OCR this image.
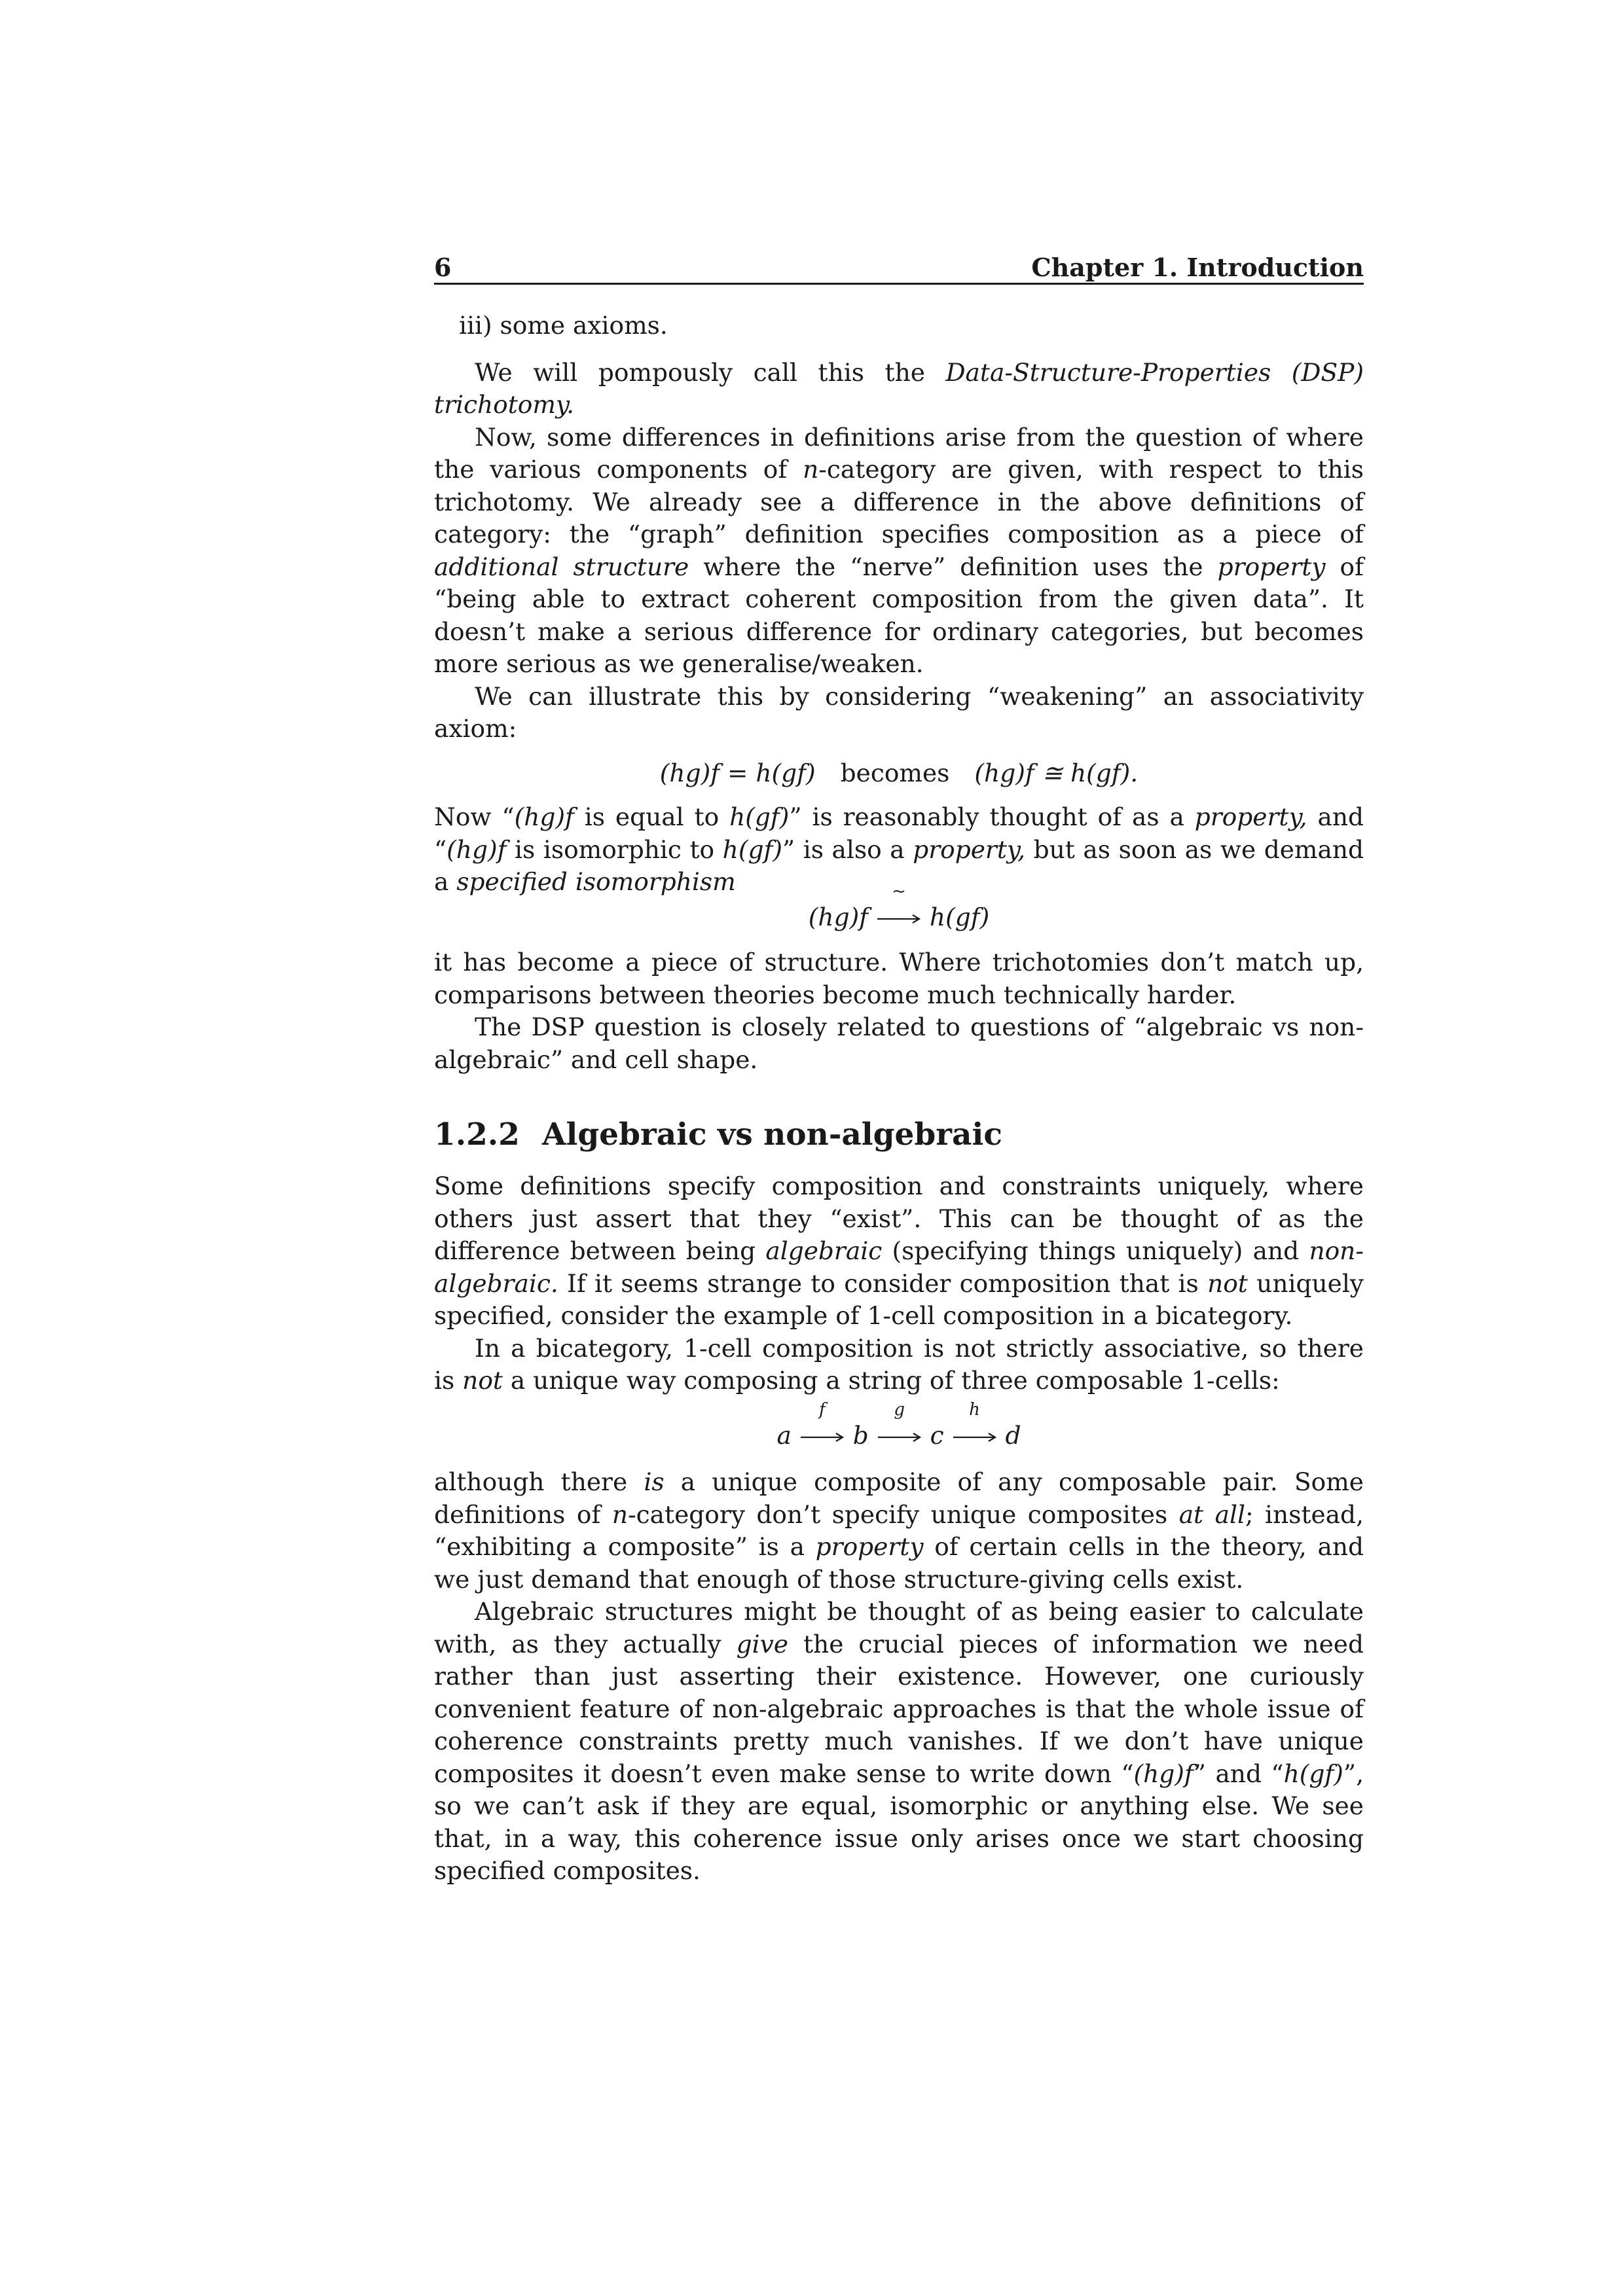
6	Chapter 1. Introduction

iii) some axioms.

We will pompously call this the Data-Structure-Properties (DSP) trichotomy.

Now, some differences in definitions arise from the question of where the various components of n-category are given, with respect to this trichotomy. We already see a difference in the above definitions of category: the “graph” definition specifies composition as a piece of additional structure where the “nerve” definition uses the property of “being able to extract coherent composition from the given data”. It doesn’t make a serious difference for ordinary categories, but becomes more serious as we generalise/weaken.

We can illustrate this by considering “weakening” an associativity axiom:

(hg)f = h(gf) becomes (hg)f ≅ h(gf).

Now “(hg)f is equal to h(gf)” is reasonably thought of as a property, and “(hg)f is isomorphic to h(gf)” is also a property, but as soon as we demand a specified isomorphism

(hg)f
~
h(gf)

it has become a piece of structure. Where trichotomies don’t match up, comparisons between theories become much technically harder.

The DSP question is closely related to questions of “algebraic vs non-algebraic” and cell shape.

1.2.2 Algebraic vs non-algebraic

Some definitions specify composition and constraints uniquely, where others just assert that they “exist”. This can be thought of as the difference between being algebraic (specifying things uniquely) and non-algebraic. If it seems strange to consider composition that is not uniquely specified, consider the example of 1-cell composition in a bicategory.

In a bicategory, 1-cell composition is not strictly associative, so there is not a unique way composing a string of three composable 1-cells:

a
f
b
g
c
h
d

although there is a unique composite of any composable pair. Some definitions of n-category don’t specify unique composites at all; instead, “exhibiting a composite” is a property of certain cells in the theory, and we just demand that enough of those structure-giving cells exist.

Algebraic structures might be thought of as being easier to calculate with, as they actually give the crucial pieces of information we need rather than just asserting their existence. However, one curiously convenient feature of non-algebraic approaches is that the whole issue of coherence constraints pretty much vanishes. If we don’t have unique composites it doesn’t even make sense to write down “(hg)f” and “h(gf)”, so we can’t ask if they are equal, isomorphic or anything else. We see that, in a way, this coherence issue only arises once we start choosing specified composites.
